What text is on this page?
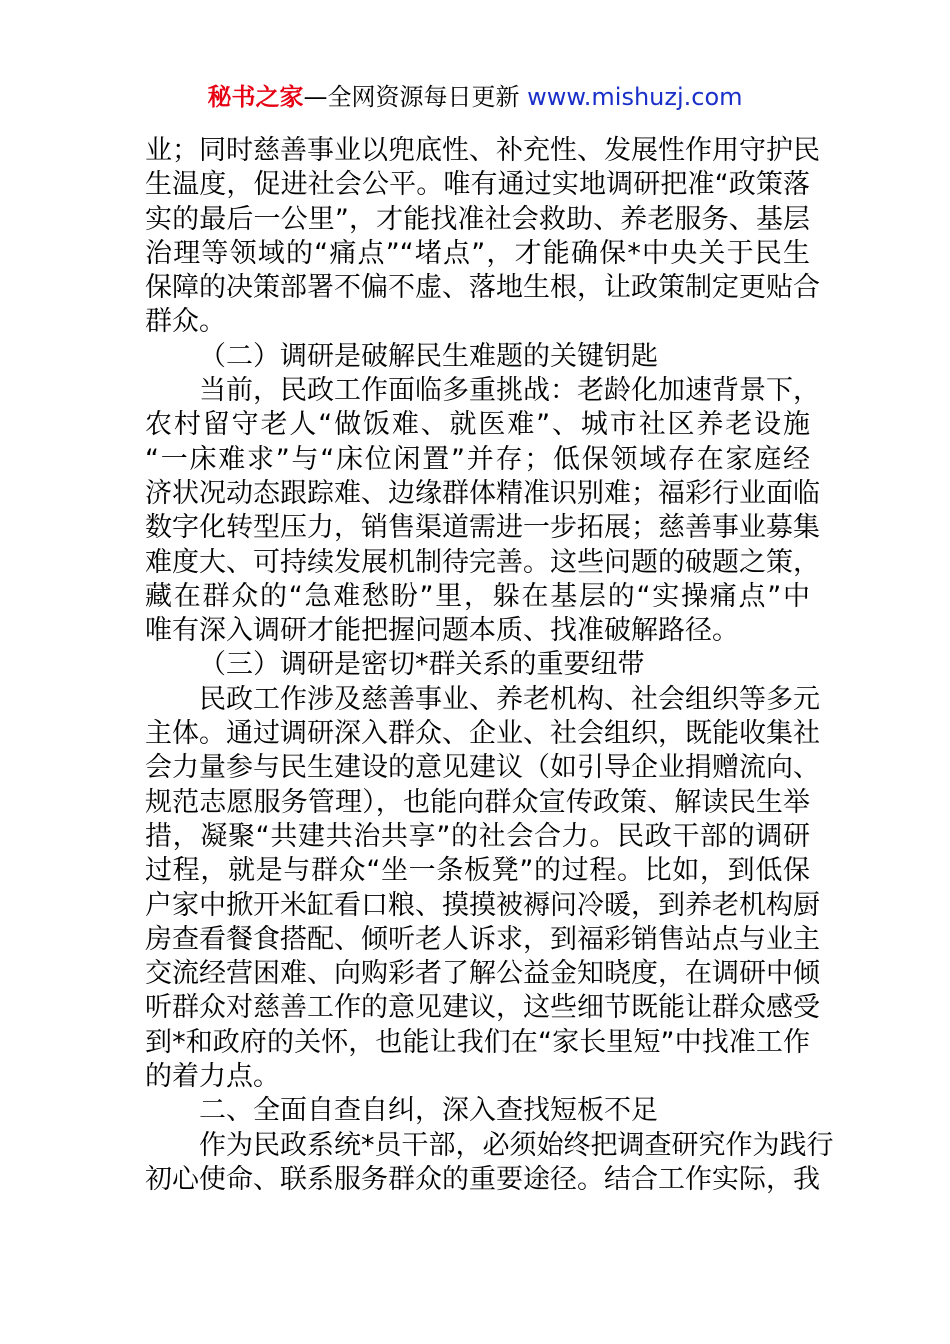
秘书之家—全网资源每日更新 www.mishuzj.com
业；同时慈善事业以兜底性、补充性、发展性作用守护民
生温度，促进社会公平。唯有通过实地调研把准“政策落
实的最后一公里”，才能找准社会救助、养老服务、基层
治理等领域的“痛点”“堵点”，才能确保*中央关于民生
保障的决策部署不偏不虚、落地生根，让政策制定更贴合
群众。
（二）调研是破解民生难题的关键钥匙
当前，民政工作面临多重挑战：老龄化加速背景下，
农村留守老人“做饭难、就医难”、城市社区养老设施
“一床难求”与“床位闲置”并存；低保领域存在家庭经
济状况动态跟踪难、边缘群体精准识别难；福彩行业面临
数字化转型压力，销售渠道需进一步拓展；慈善事业募集
难度大、可持续发展机制待完善。这些问题的破题之策，
藏在群众的“急难愁盼”里，躲在基层的“实操痛点”中
唯有深入调研才能把握问题本质、找准破解路径。
（三）调研是密切*群关系的重要纽带
民政工作涉及慈善事业、养老机构、社会组织等多元
主体。通过调研深入群众、企业、社会组织，既能收集社
会力量参与民生建设的意见建议（如引导企业捐赠流向、
规范志愿服务管理），也能向群众宣传政策、解读民生举
措，凝聚“共建共治共享”的社会合力。民政干部的调研
过程，就是与群众“坐一条板凳”的过程。比如，到低保
户家中掀开米缸看口粮、摸摸被褥问冷暖，到养老机构厨
房查看餐食搭配、倾听老人诉求，到福彩销售站点与业主
交流经营困难、向购彩者了解公益金知晓度，在调研中倾
听群众对慈善工作的意见建议，这些细节既能让群众感受
到*和政府的关怀，也能让我们在“家长里短”中找准工作
的着力点。
二、全面自查自纠，深入查找短板不足
作为民政系统*员干部，必须始终把调查研究作为践行
初心使命、联系服务群众的重要途径。结合工作实际，我
